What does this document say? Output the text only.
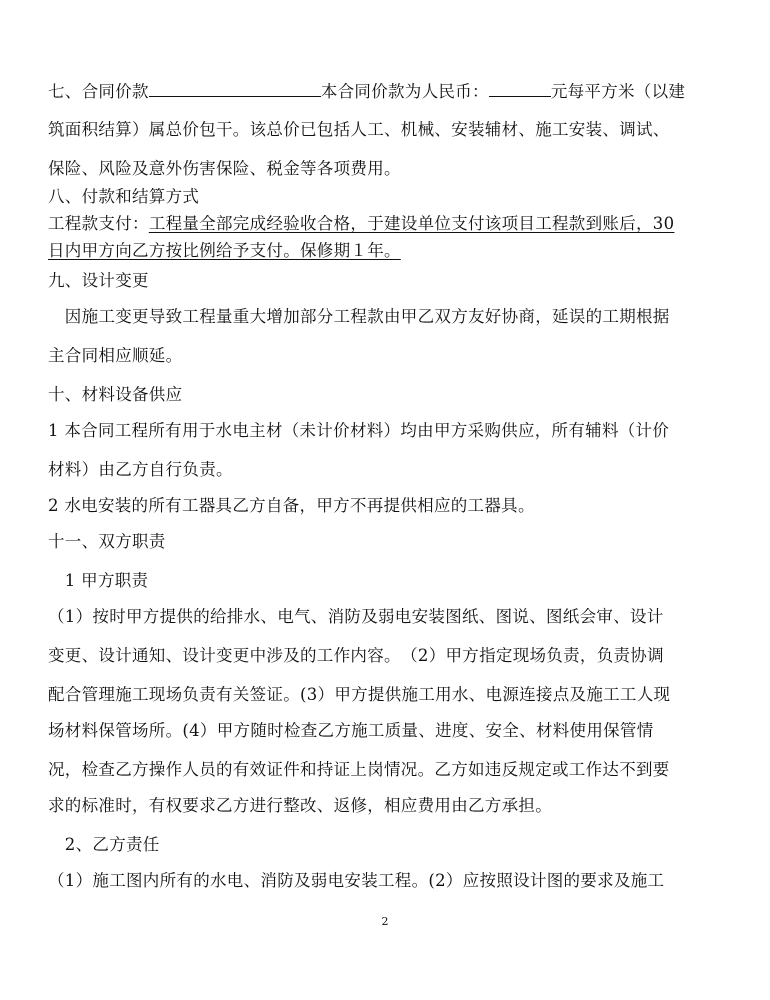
七、合同价款	本合同价款为人民币：	元每平方米（以建
筑面积结算）属总价包干。该总价已包括人工、机械、安装辅材、施工安装、调试、
保险、风险及意外伤害保险、税金等各项费用。
八、付款和结算方式
工程款支付：工程量全部完成经验收合格，于建设单位支付该项目工程款到账后，30
日内甲方向乙方按比例给予支付。保修期１年。
九、设计变更
　因施工变更导致工程量重大增加部分工程款由甲乙双方友好协商，延误的工期根据
主合同相应顺延。
十、材料设备供应
1 本合同工程所有用于水电主材（未计价材料）均由甲方采购供应，所有辅料（计价
材料）由乙方自行负责。
2 水电安装的所有工器具乙方自备，甲方不再提供相应的工器具。
十一、双方职责
　1 甲方职责
（1）按时甲方提供的给排水、电气、消防及弱电安装图纸、图说、图纸会审、设计
变更、设计通知、设计变更中涉及的工作内容。　（2）甲方指定现场负责，负责协调
配合管理施工现场负责有关签证。(3）甲方提供施工用水、电源连接点及施工工人现
场材料保管场所。(4）甲方随时检查乙方施工质量、进度、安全、材料使用保管情
况，检查乙方操作人员的有效证件和持证上岗情况。乙方如违反规定或工作达不到要
求的标准时，有权要求乙方进行整改、返修，相应费用由乙方承担。
　2、乙方责任
（1）施工图内所有的水电、消防及弱电安装工程。(2）应按照设计图的要求及施工
2
